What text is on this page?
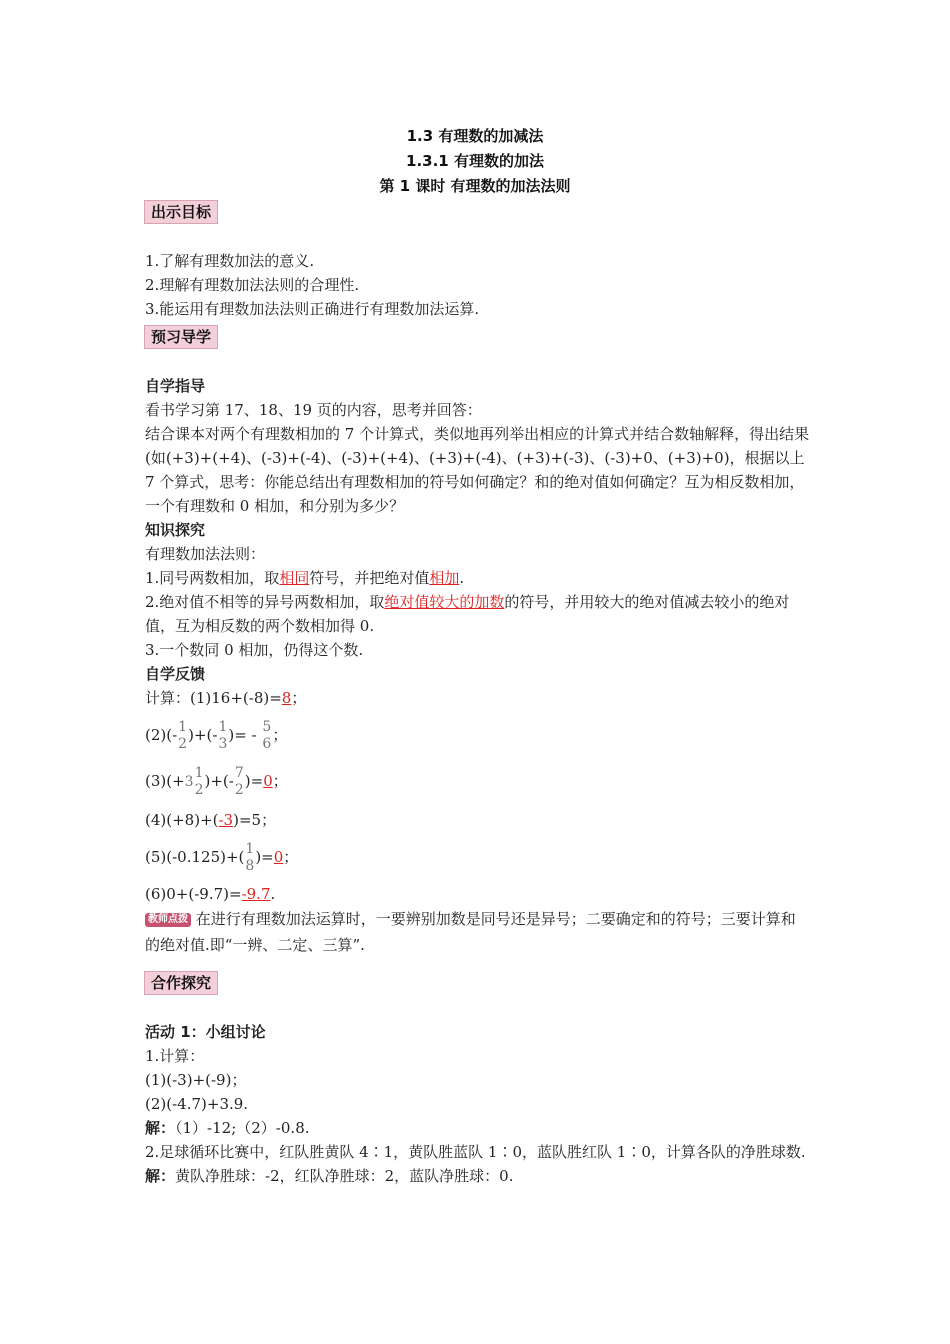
1.3 有理数的加减法
1.3.1 有理数的加法
第 1 课时 有理数的加法法则
出示目标
1.了解有理数加法的意义.
2.理解有理数加法法则的合理性.
3.能运用有理数加法法则正确进行有理数加法运算.
预习导学
自学指导
看书学习第 17、18、19 页的内容，思考并回答：
结合课本对两个有理数相加的 7 个计算式，类似地再列举出相应的计算式并结合数轴解释，得出结果(如(+3)+(+4)、(-3)+(-4)、(-3)+(+4)、(+3)+(-4)、(+3)+(-3)、(-3)+0、(+3)+0)，根据以上 7 个算式，思考：你能总结出有理数相加的符号如何确定？和的绝对值如何确定？互为相反数相加，一个有理数和 0 相加，和分别为多少？
知识探究
有理数加法法则：
1.同号两数相加，取相同符号，并把绝对值相加.
2.绝对值不相等的异号两数相加，取绝对值较大的加数的符号，并用较大的绝对值减去较小的绝对值，互为相反数的两个数相加得 0.
3.一个数同 0 相加，仍得这个数.
自学反馈
计算：(1)16+(-8)=8；
(2)(- 1
2 )+(- 1
3 )= - 5
6 ；
(3)(+3
1
2 )+(- 7
2 )=0；
(4)(+8)+(-3)=5；
(5)(-0.125)+( 1
8 )=0；
(6)0+(-9.7)=-9.7.
教师点拨 在进行有理数加法运算时，一要辨别加数是同号还是异号；二要确定和的符号；三要计算和的绝对值.即“一辨、二定、三算”.
合作探究
活动 1：小组讨论
1.计算：
(1)(-3)+(-9)；
(2)(-4.7)+3.9.
解：（1）-12;（2）-0.8.
2.足球循环比赛中，红队胜黄队 4∶1，黄队胜蓝队 1∶0，蓝队胜红队 1∶0，计算各队的净胜球数.
解：黄队净胜球：-2，红队净胜球：2，蓝队净胜球：0.
